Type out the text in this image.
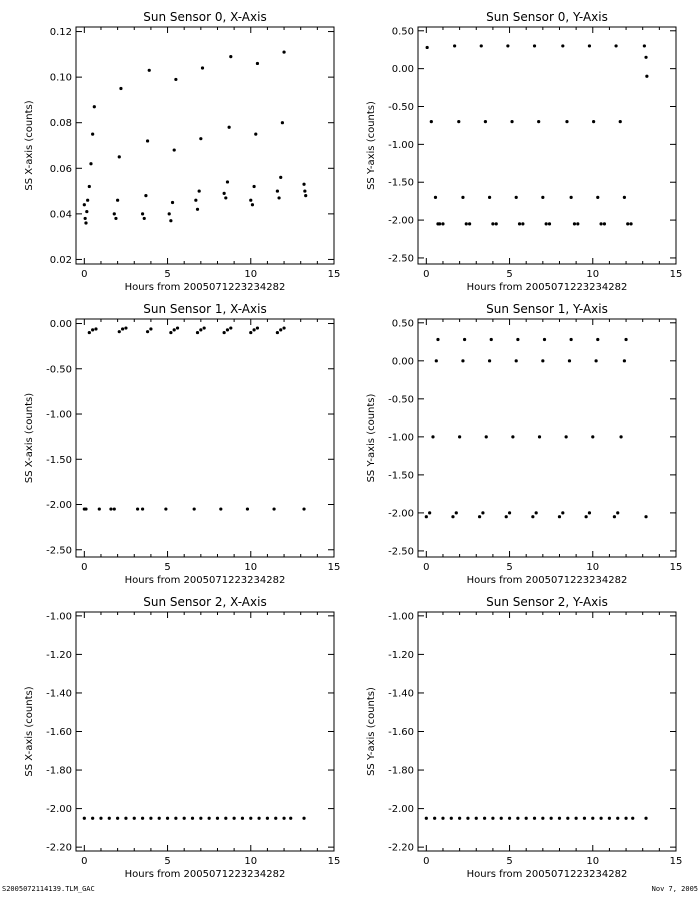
Sun Sensor 0, X-Axis
0	5	10	15
0.02
0.04
0.06
0.08
0.10
0.12
Hours from 2005071223234282
SS X-axis (counts)
Sun Sensor 0, Y-Axis
0	5	10	15
-2.50
-2.00
-1.50
-1.00
-0.50
0.00
0.50
Hours from 2005071223234282
SS Y-axis (counts)
Sun Sensor 1, X-Axis
0	5	10	15
-2.50
-2.00
-1.50
-1.00
-0.50
0.00
Hours from 2005071223234282
SS X-axis (counts)
Sun Sensor 1, Y-Axis
0	5	10	15
-2.50
-2.00
-1.50
-1.00
-0.50
0.00
0.50
Hours from 2005071223234282
SS Y-axis (counts)
Sun Sensor 2, X-Axis
0	5	10	15
-2.20
-2.00
-1.80
-1.60
-1.40
-1.20
-1.00
Hours from 2005071223234282
SS X-axis (counts)
Sun Sensor 2, Y-Axis
0	5	10	15
-2.20
-2.00
-1.80
-1.60
-1.40
-1.20
-1.00
Hours from 2005071223234282
SS Y-axis (counts)
S2005072114139.TLM_GAC	Nov 7, 2005
